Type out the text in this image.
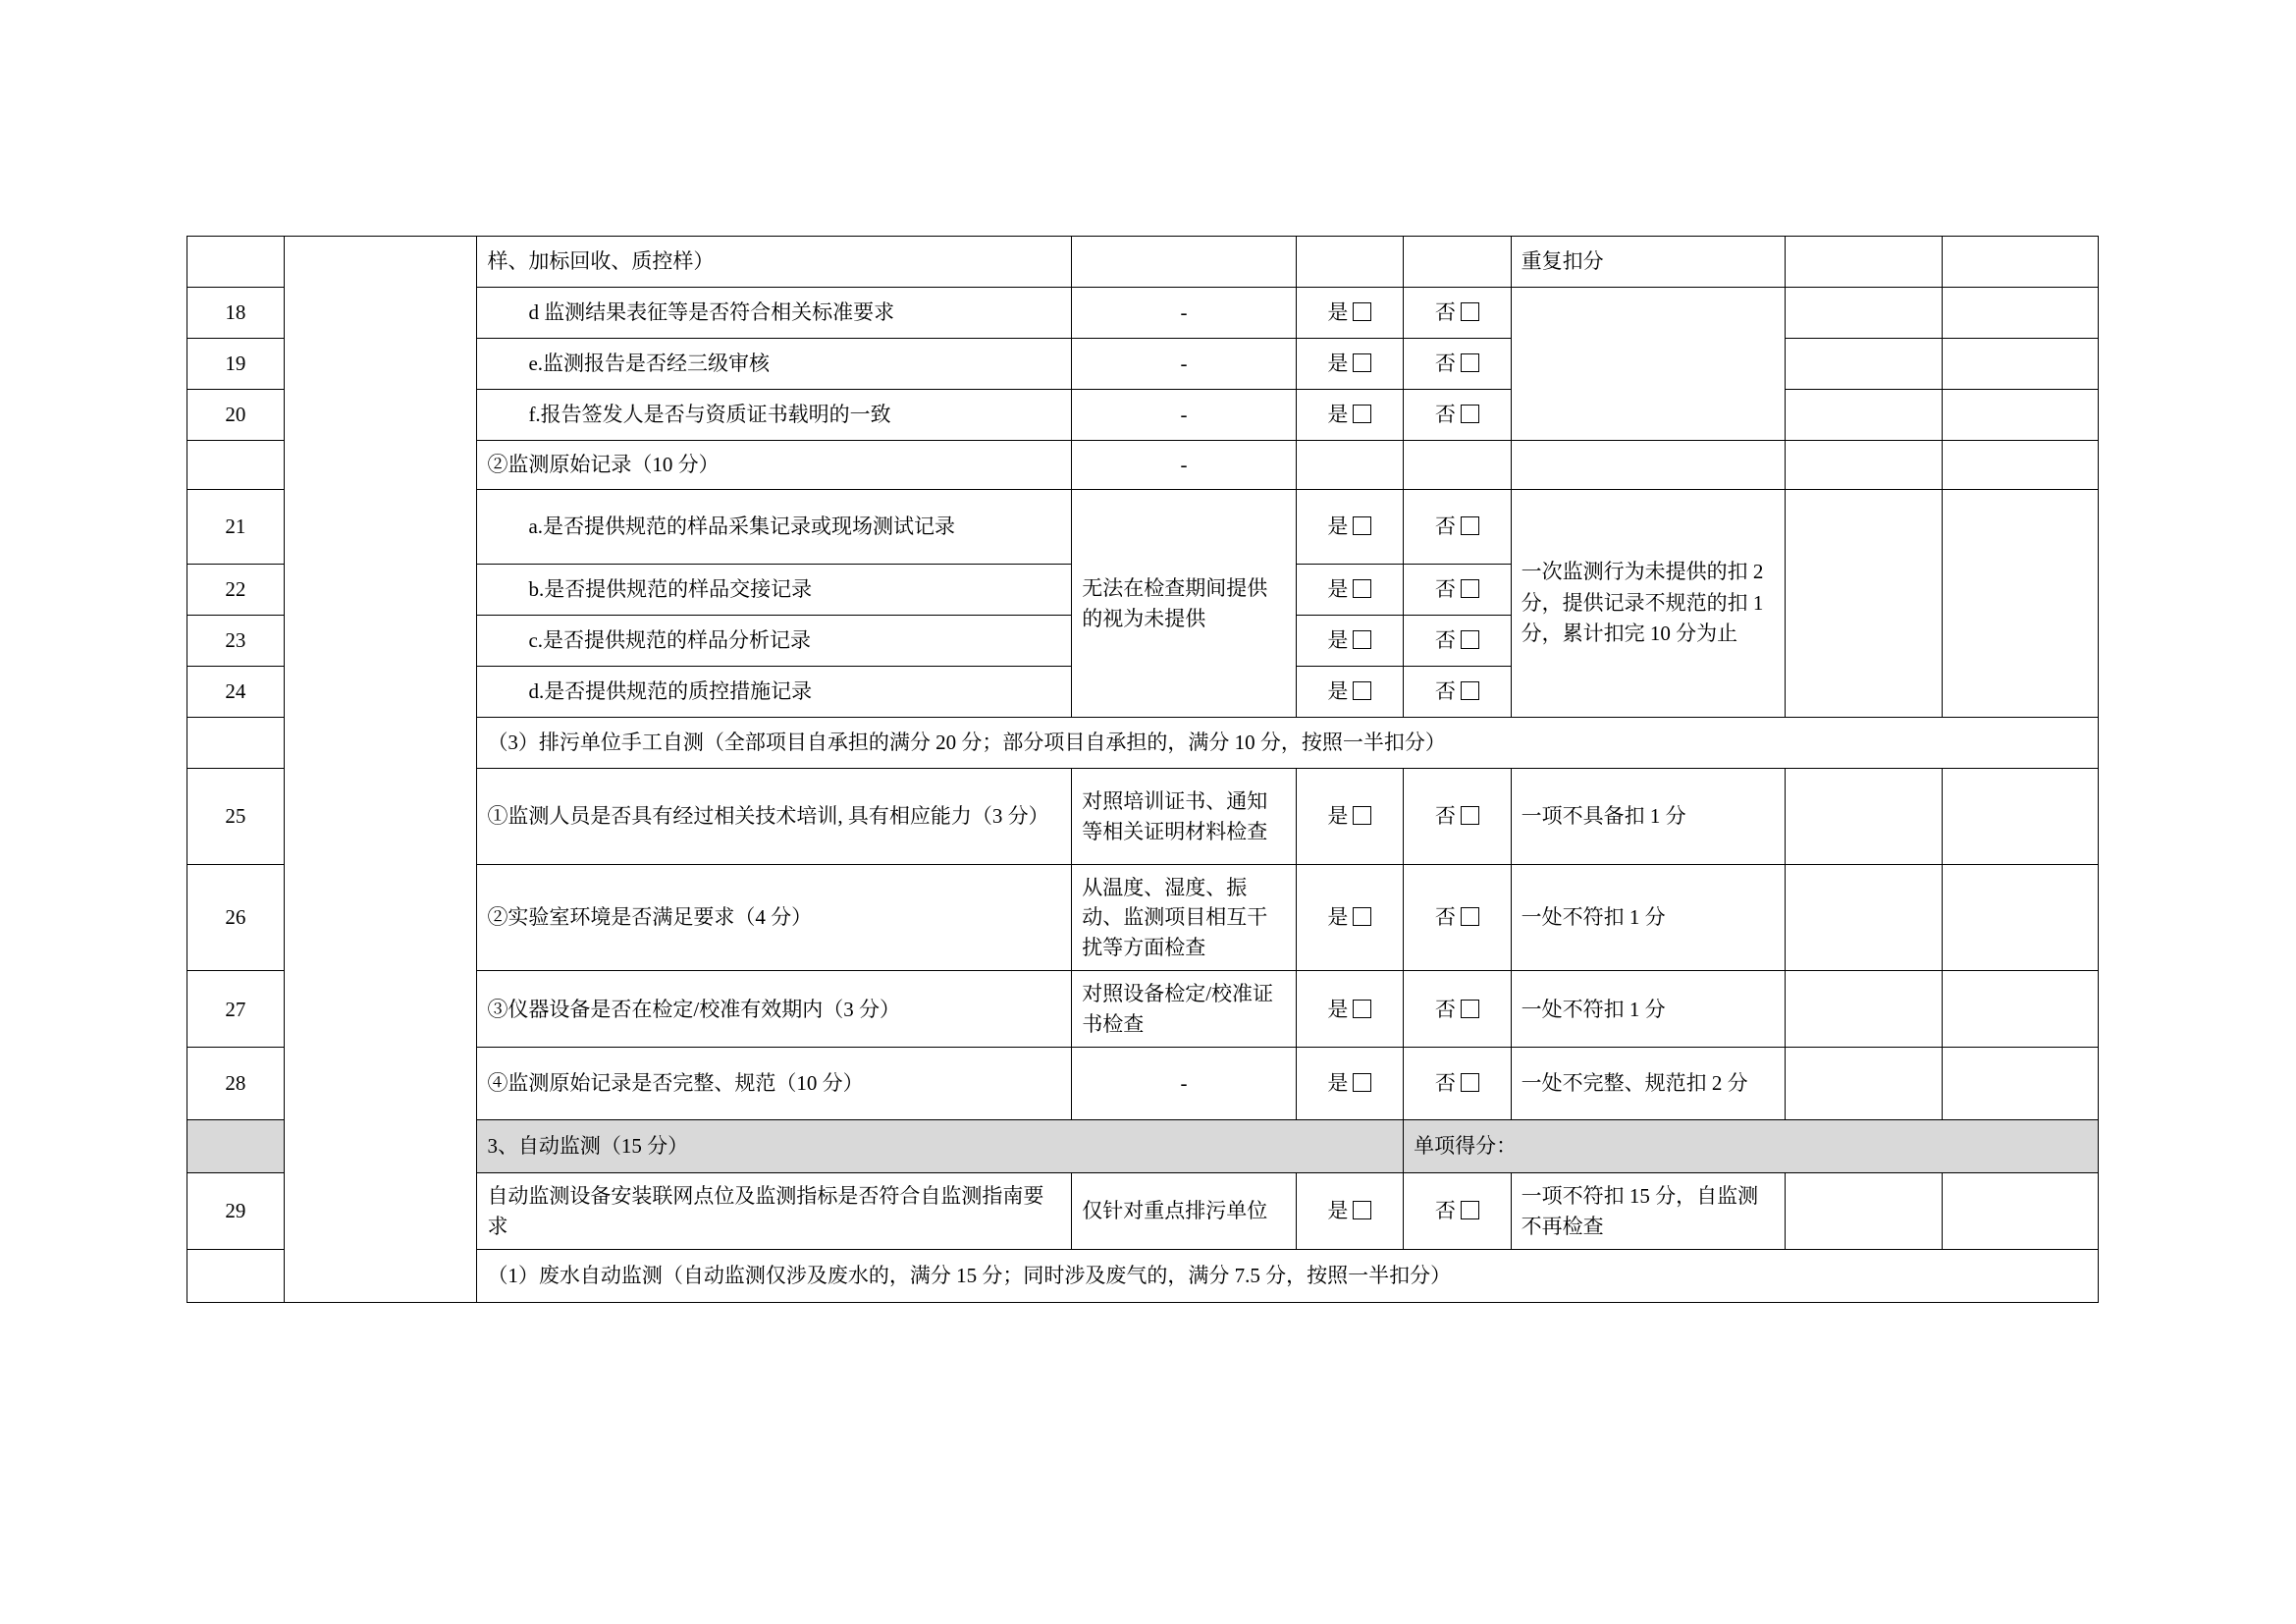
		样、加标回收、质控样）				重复扣分		
18		d 监测结果表征等是否符合相关标准要求	-	是	否			
19		e.监测报告是否经三级审核	-	是	否			
20		f.报告签发人是否与资质证书载明的一致	-	是	否			
		②监测原始记录（10 分）	-					
21		a.是否提供规范的样品采集记录或现场测试记录	无法在检查期间提供的视为未提供	是	否	一次监测行为未提供的扣 2 分，提供记录不规范的扣 1 分，累计扣完 10 分为止		
22		b.是否提供规范的样品交接记录		是	否			
23		c.是否提供规范的样品分析记录		是	否			
24		d.是否提供规范的质控措施记录		是	否			
		（3）排污单位手工自测（全部项目自承担的满分 20 分；部分项目自承担的，满分 10 分，按照一半扣分）						
25		①监测人员是否具有经过相关技术培训, 具有相应能力（3 分）	对照培训证书、通知等相关证明材料检查	是	否	一项不具备扣 1 分		
26		②实验室环境是否满足要求（4 分）	从温度、湿度、振动、监测项目相互干扰等方面检查	是	否	一处不符扣 1 分		
27		③仪器设备是否在检定/校准有效期内（3 分）	对照设备检定/校准证书检查	是	否	一处不符扣 1 分		
28		④监测原始记录是否完整、规范（10 分）	-	是	否	一处不完整、规范扣 2 分		
		3、自动监测（15 分）			单项得分：			
29		自动监测设备安装联网点位及监测指标是否符合自监测指南要求	仅针对重点排污单位	是	否	一项不符扣 15 分，自监测不再检查		
		（1）废水自动监测（自动监测仅涉及废水的，满分 15 分；同时涉及废气的，满分 7.5 分，按照一半扣分）						
